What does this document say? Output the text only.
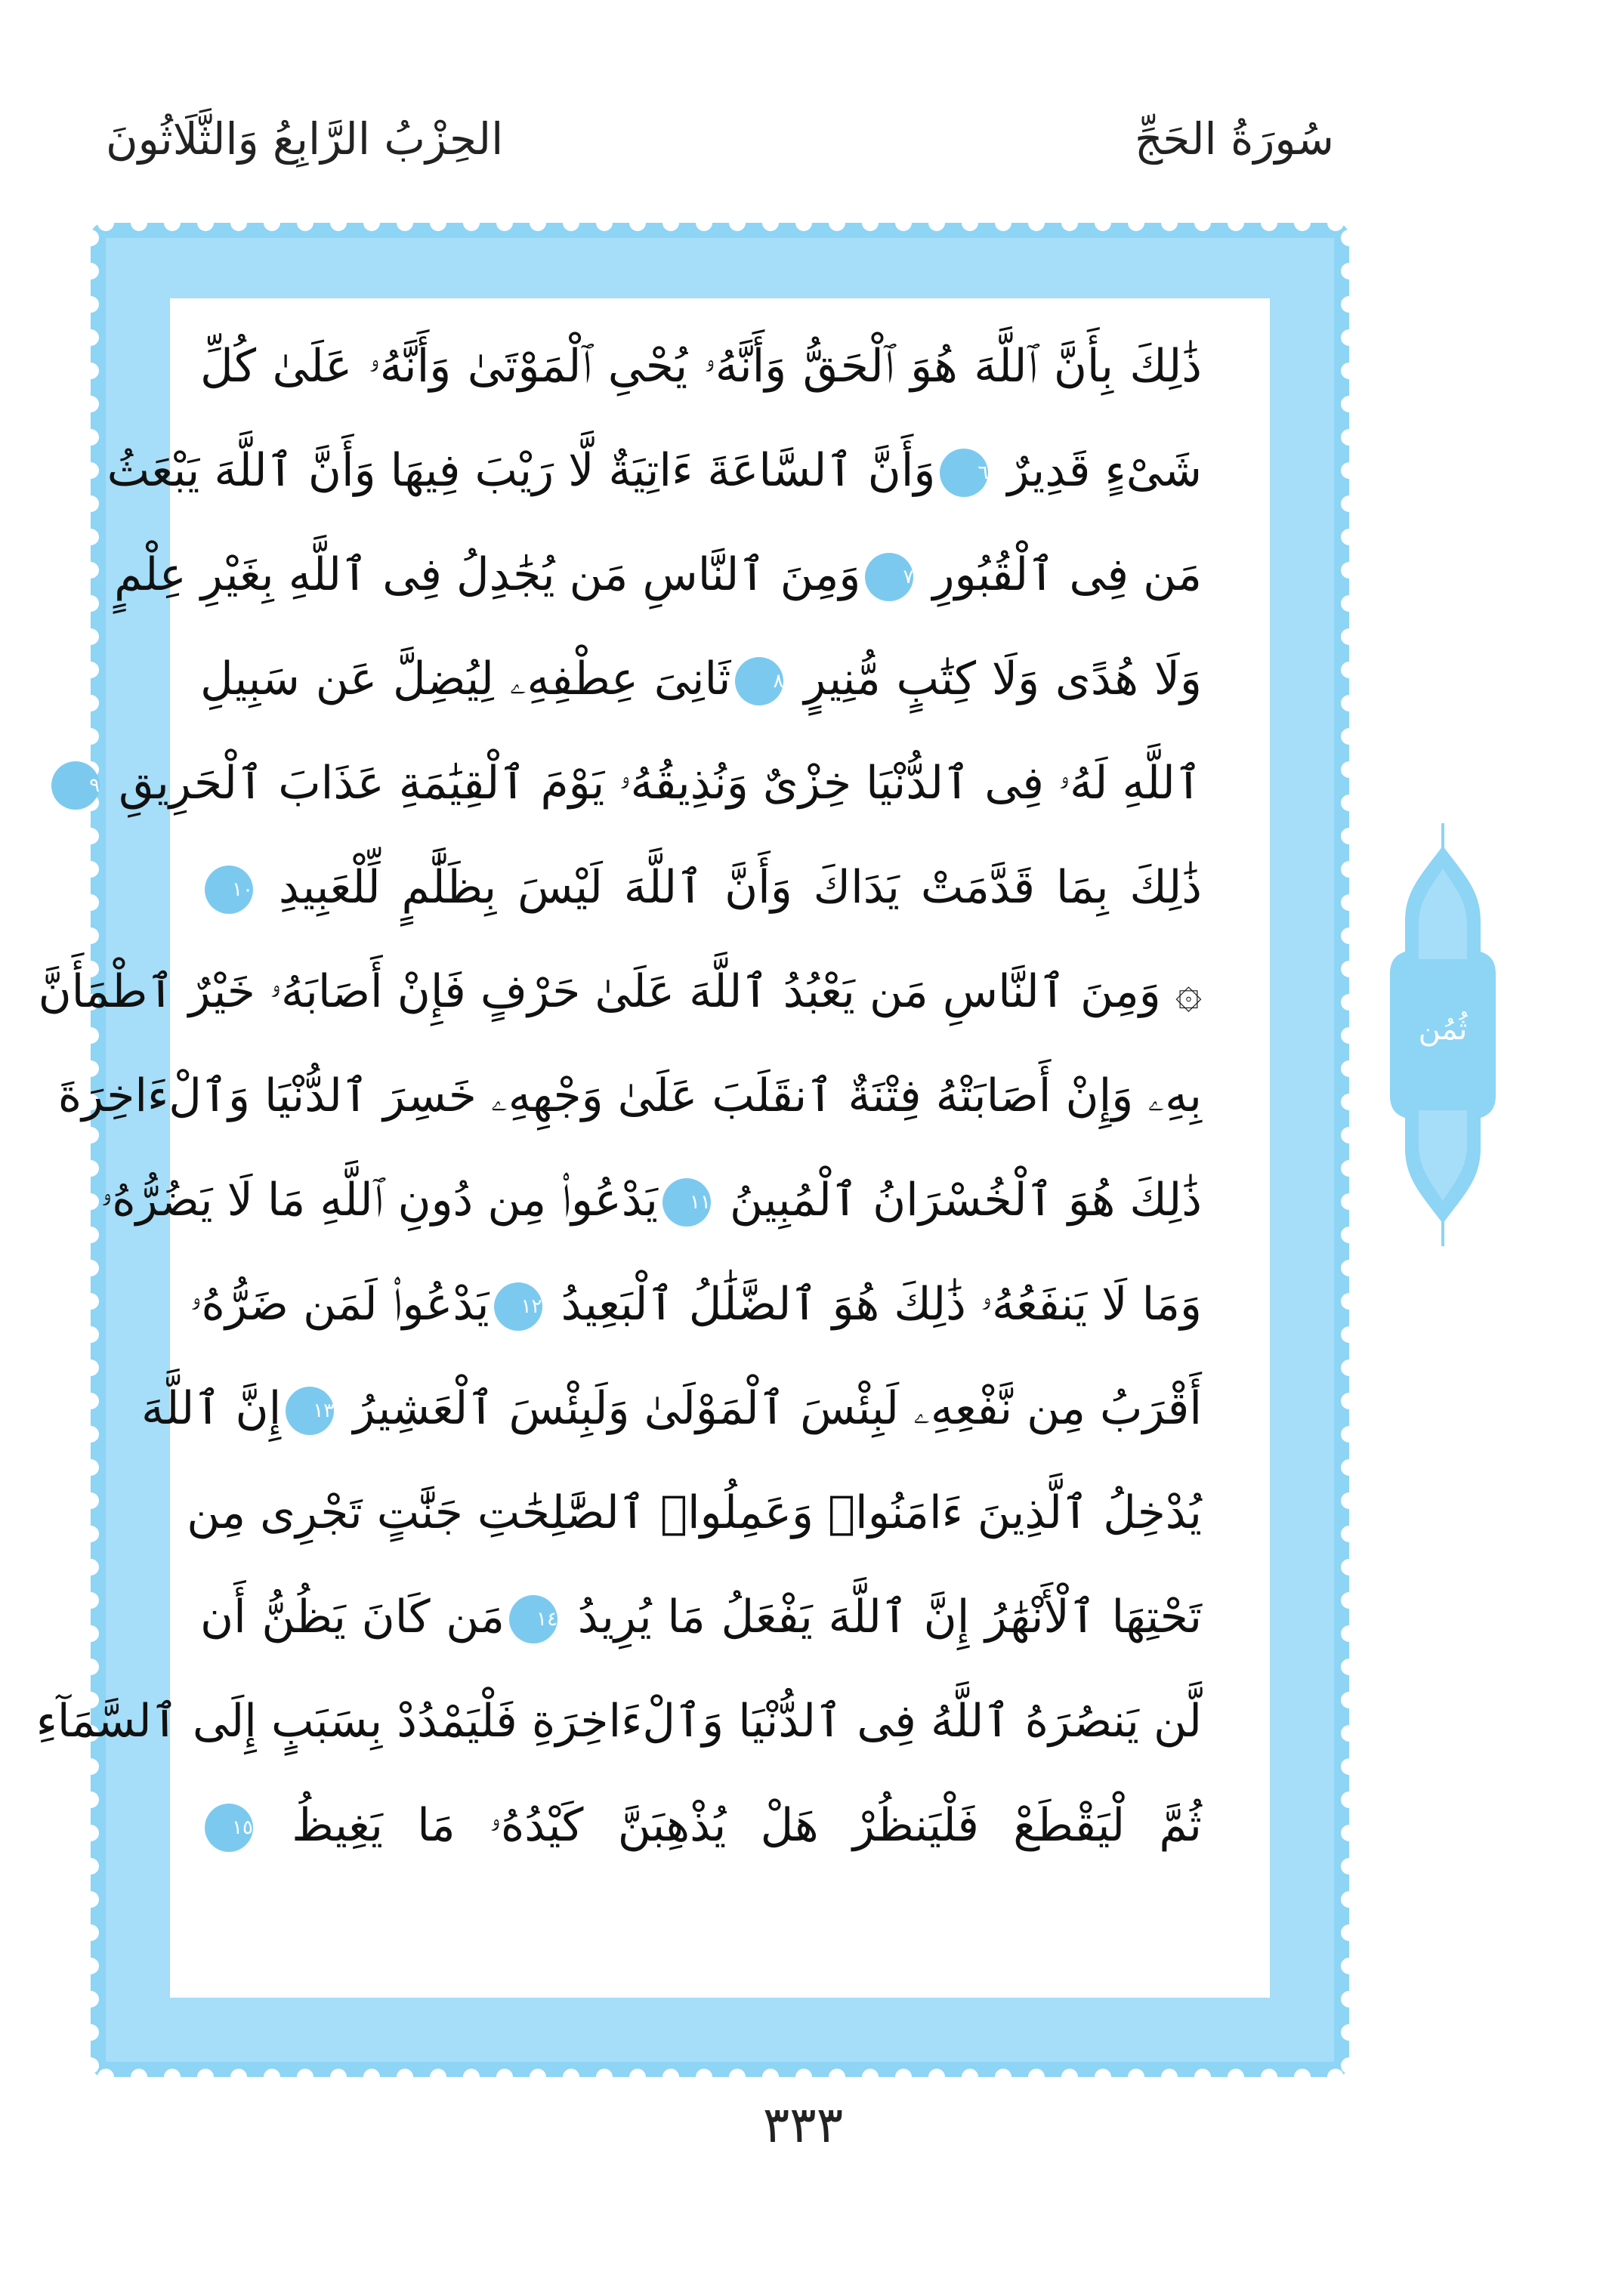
سُورَةُ الحَجِّ
الحِزْبُ الرَّابِعُ وَالثَّلَاثُونَ
ذَٰلِكَ بِأَنَّ ٱللَّهَ هُوَ ٱلْحَقُّ وَأَنَّهُۥ يُحْىِ ٱلْمَوْتَىٰ وَأَنَّهُۥ عَلَىٰ كُلِّ
شَىْءٍ قَدِيرٌ ٦وَأَنَّ ٱلسَّاعَةَ ءَاتِيَةٌ لَّا رَيْبَ فِيهَا وَأَنَّ ٱللَّهَ يَبْعَثُ
مَن فِى ٱلْقُبُورِ ٧وَمِنَ ٱلنَّاسِ مَن يُجَٰدِلُ فِى ٱللَّهِ بِغَيْرِ عِلْمٍ
وَلَا هُدًى وَلَا كِتَٰبٍ مُّنِيرٍ ٨ثَانِىَ عِطْفِهِۦ لِيُضِلَّ عَن سَبِيلِ
ٱللَّهِ لَهُۥ فِى ٱلدُّنْيَا خِزْىٌ وَنُذِيقُهُۥ يَوْمَ ٱلْقِيَٰمَةِ عَذَابَ ٱلْحَرِيقِ ٩
ذَٰلِكَ بِمَا قَدَّمَتْ يَدَاكَ وَأَنَّ ٱللَّهَ لَيْسَ بِظَلَّٰمٍ لِّلْعَبِيدِ ١٠
۞ وَمِنَ ٱلنَّاسِ مَن يَعْبُدُ ٱللَّهَ عَلَىٰ حَرْفٍ فَإِنْ أَصَابَهُۥ خَيْرٌ ٱطْمَأَنَّ
بِهِۦ وَإِنْ أَصَابَتْهُ فِتْنَةٌ ٱنقَلَبَ عَلَىٰ وَجْهِهِۦ خَسِرَ ٱلدُّنْيَا وَٱلْءَاخِرَةَ
ذَٰلِكَ هُوَ ٱلْخُسْرَانُ ٱلْمُبِينُ ١١يَدْعُوا۟ مِن دُونِ ٱللَّهِ مَا لَا يَضُرُّهُۥ
وَمَا لَا يَنفَعُهُۥ ذَٰلِكَ هُوَ ٱلضَّلَٰلُ ٱلْبَعِيدُ ١٢يَدْعُوا۟ لَمَن ضَرُّهُۥ
أَقْرَبُ مِن نَّفْعِهِۦ لَبِئْسَ ٱلْمَوْلَىٰ وَلَبِئْسَ ٱلْعَشِيرُ ١٣إِنَّ ٱللَّهَ
يُدْخِلُ ٱلَّذِينَ ءَامَنُوا۟ وَعَمِلُوا۟ ٱلصَّٰلِحَٰتِ جَنَّٰتٍ تَجْرِى مِن
تَحْتِهَا ٱلْأَنْهَٰرُ إِنَّ ٱللَّهَ يَفْعَلُ مَا يُرِيدُ ١٤مَن كَانَ يَظُنُّ أَن
لَّن يَنصُرَهُ ٱللَّهُ فِى ٱلدُّنْيَا وَٱلْءَاخِرَةِ فَلْيَمْدُدْ بِسَبَبٍ إِلَى ٱلسَّمَآءِ
ثُمَّ لْيَقْطَعْ فَلْيَنظُرْ هَلْ يُذْهِبَنَّ كَيْدُهُۥ مَا يَغِيظُ ١٥
ثُمُن
٣٣٣
